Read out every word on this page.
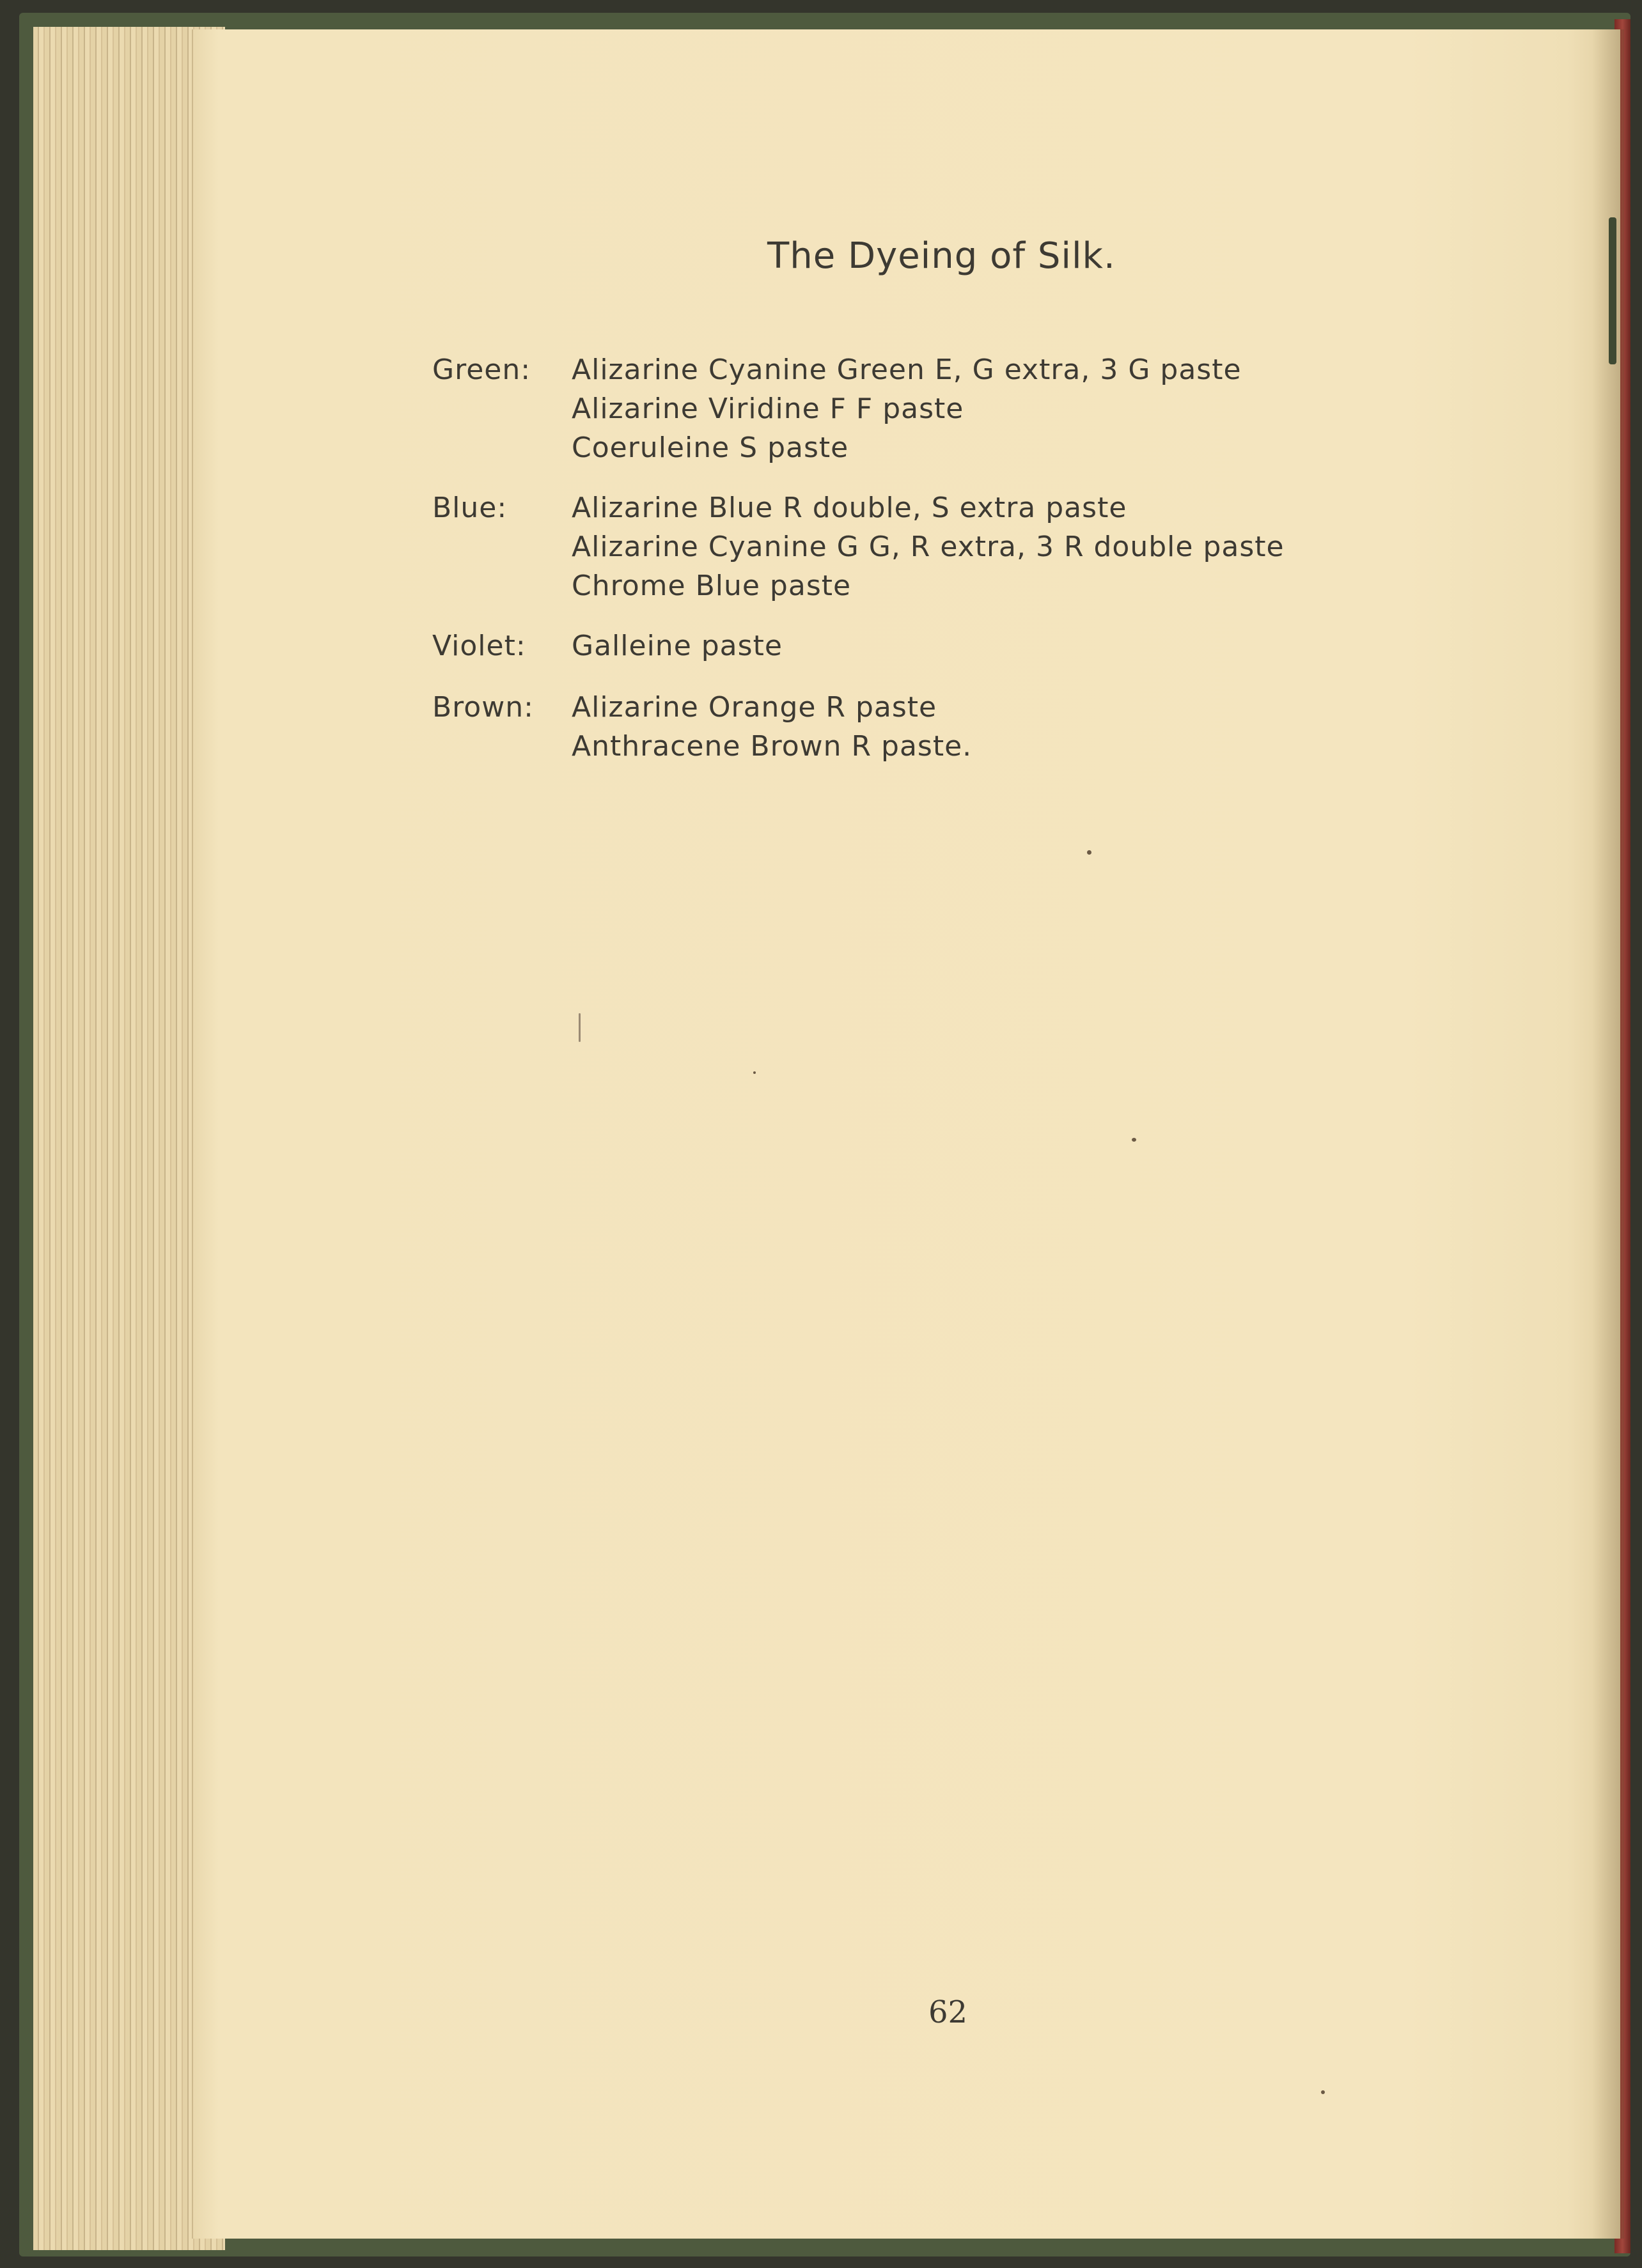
The Dyeing of Silk.
Green: Alizarine Cyanine Green E, G extra, 3 G paste
Alizarine Viridine F F paste
Coeruleine S paste
Blue: Alizarine Blue R double, S extra paste
Alizarine Cyanine G G, R extra, 3 R double paste
Chrome Blue paste
Violet: Galleine paste
Brown: Alizarine Orange R paste
Anthracene Brown R paste.
62
